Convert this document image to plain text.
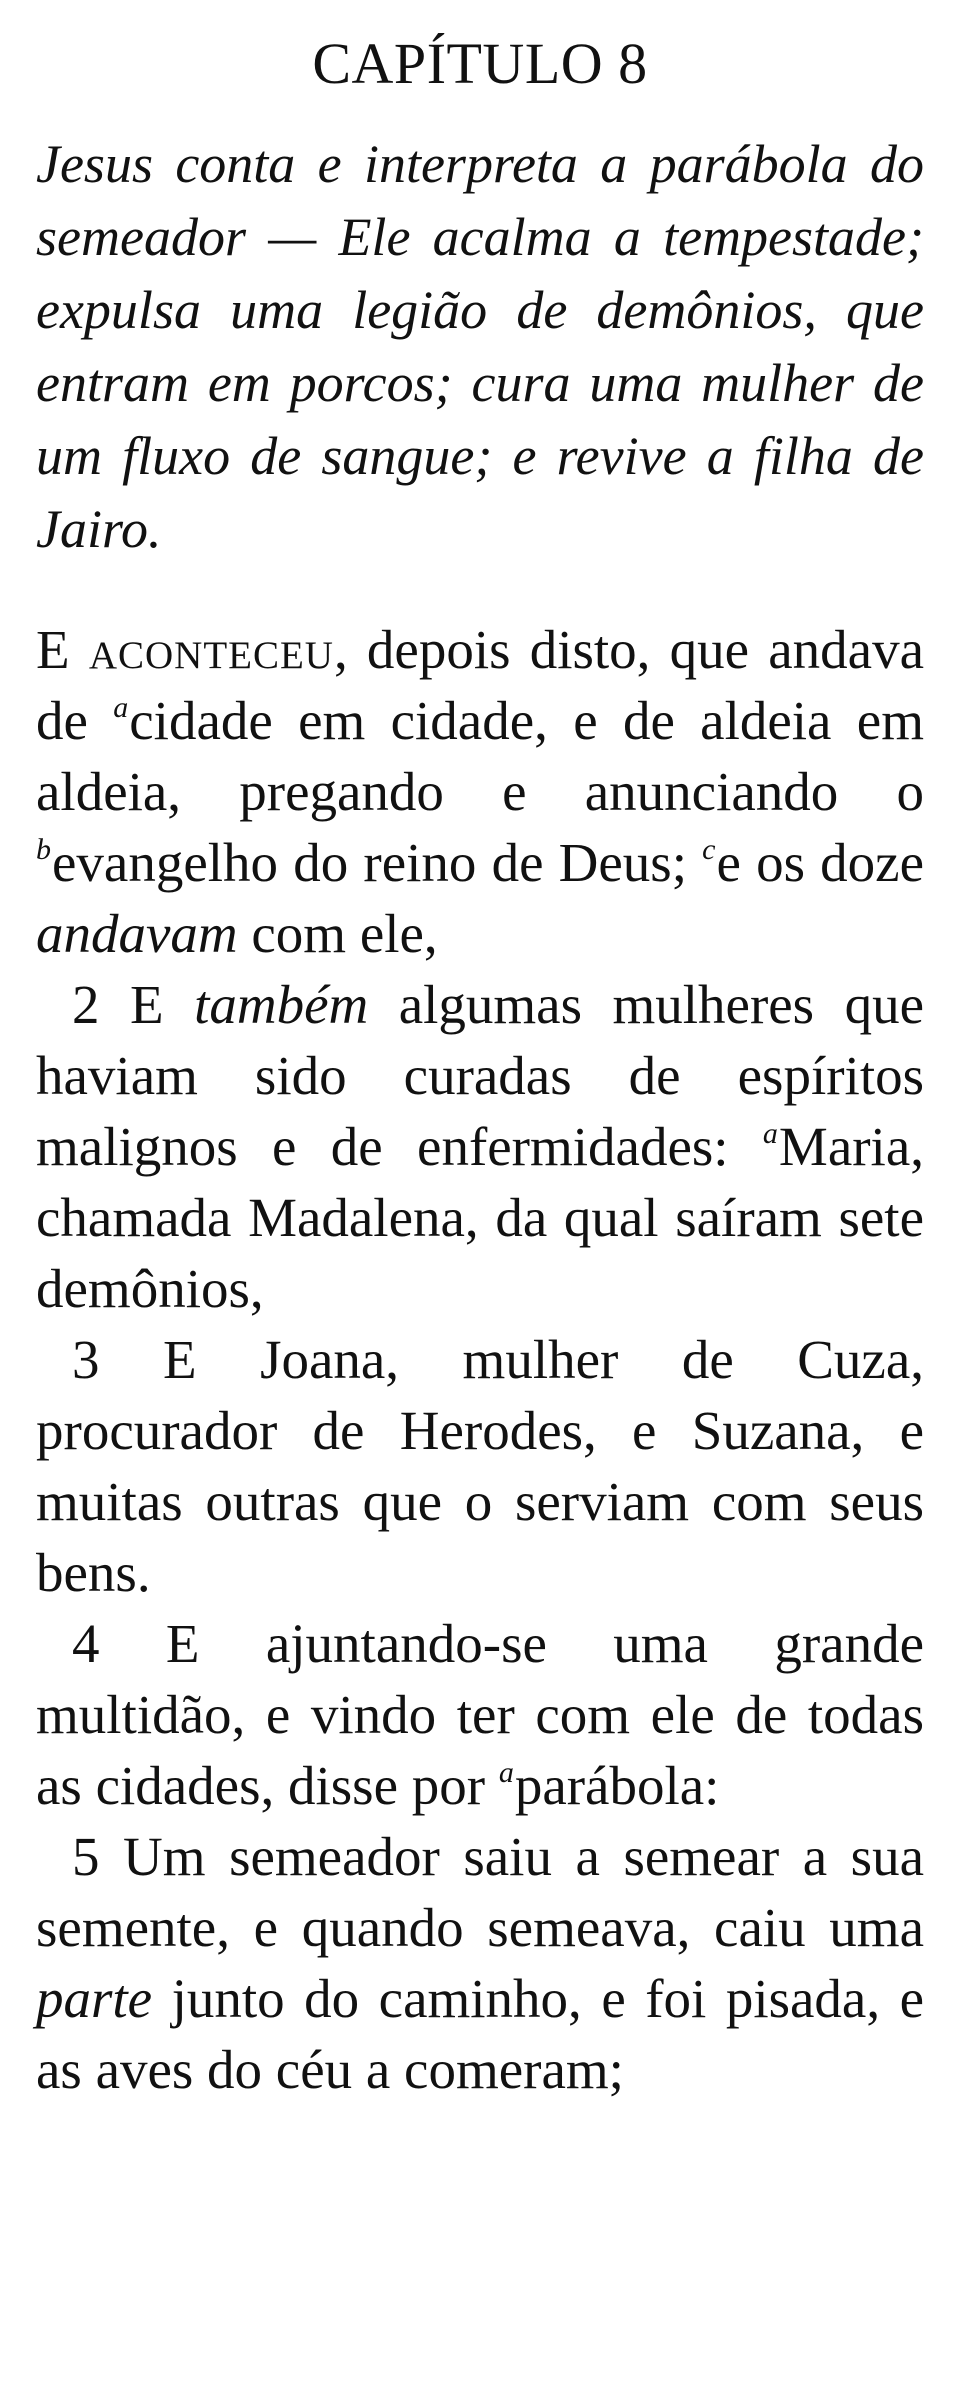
CAPÍTULO 8

Jesus conta e interpreta a parábola do semeador — Ele acalma a tempestade; expulsa uma legião de demônios, que entram em porcos; cura uma mulher de um fluxo de sangue; e revive a filha de Jairo.

E aconteceu, depois disto, que andava de $^a$cidade em cidade, e de aldeia em aldeia, pregando e anunciando o $^b$evangelho do reino de Deus; $^c$e os doze andavam com ele,

2 E também algumas mulheres que haviam sido curadas de espíritos malignos e de enfermidades: $^a$Maria, chamada Madalena, da qual saíram sete demônios,

3 E Joana, mulher de Cuza, procurador de Herodes, e Suzana, e muitas outras que o serviam com seus bens.

4 E ajuntando-se uma grande multidão, e vindo ter com ele de todas as cidades, disse por $^a$parábola:

5 Um semeador saiu a semear a sua semente, e quando semeava, caiu uma parte junto do caminho, e foi pisada, e as aves do céu a comeram;
